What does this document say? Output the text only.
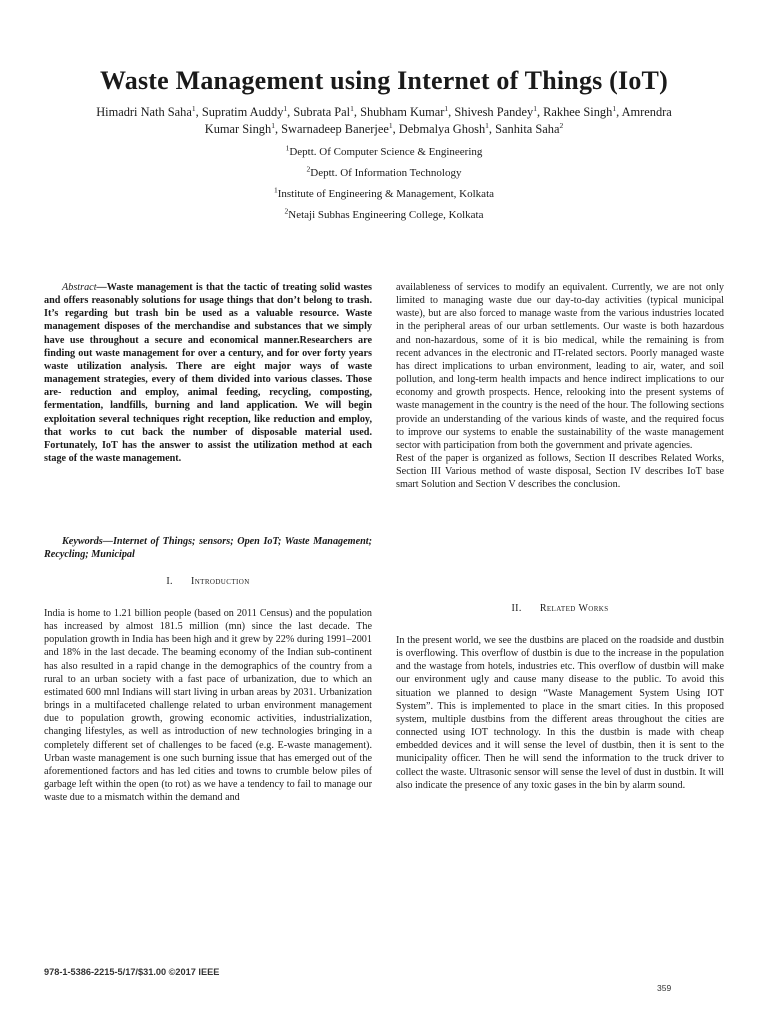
Waste Management using Internet of Things (IoT)
Himadri Nath Saha$^1$, Supratim Auddy$^1$, Subrata Pal$^1$, Shubham Kumar$^1$, Shivesh Pandey$^1$, Rakhee Singh$^1$, Amrendra
Kumar Singh$^1$, Swarnadeep Banerjee$^1$, Debmalya Ghosh$^1$, Sanhita Saha$^2$
$^1$Deptt. Of Computer Science & Engineering
$^2$Deptt. Of Information Technology
$^1$Institute of Engineering & Management, Kolkata
$^2$Netaji Subhas Engineering College, Kolkata

Abstract—Waste management is that the tactic of treating solid wastes and offers reasonably solutions for usage things that don’t belong to trash. It’s regarding but trash bin be used as a valuable resource. Waste management disposes of the merchandise and substances that we simply have use throughout a secure and economical manner.Researchers are finding out waste management for over a century, and for over forty years waste utilization analysis. There are eight major ways of waste management strategies, every of them divided into various classes. Those are- reduction and employ, animal feeding, recycling, composting, fermentation, landfills, burning and land application. We will begin exploitation several techniques right reception, like reduction and employ, that works to cut back the number of disposable material used. Fortunately, IoT has the answer to assist the utilization method at each stage of the waste management.

Keywords—Internet of Things; sensors; Open IoT; Waste Management; Recycling; Municipal

I. Introduction

India is home to 1.21 billion people (based on 2011 Census) and the population has increased by almost 181.5 million (mn) since the last decade. The population growth in India has been high and it grew by 22% during 1991–2001 and 18% in the last decade. The beaming economy of the Indian sub-continent has also resulted in a rapid change in the demographics of the country from a rural to an urban society with a fast pace of urbanization, due to which an estimated 600 mnl Indians will start living in urban areas by 2031. Urbanization brings in a multifaceted challenge related to urban environment management due to population growth, growing economic activities, industrialization, changing lifestyles, as well as introduction of new technologies bringing in a completely different set of challenges to be faced (e.g. E-waste management). Urban waste management is one such burning issue that has emerged out of the aforementioned factors and has led cities and towns to crumble below piles of garbage left within the open (to rot) as we have a tendency to fail to manage our waste due to a mismatch within the demand and

availableness of services to modify an equivalent. Currently, we are not only limited to managing waste due our day-to-day activities (typical municipal waste), but are also forced to manage waste from the various industries located in the peripheral areas of our urban settlements. Our waste is both hazardous and non-hazardous, some of it is bio medical, while the remaining is from recent advances in the electronic and IT-related sectors. Poorly managed waste has direct implications to urban environment, leading to air, water, and soil pollution, and long-term health impacts and hence indirect implications to our economy and growth prospects. Hence, relooking into the present systems of waste management in the country is the need of the hour. The following sections provide an understanding of the various kinds of waste, and the required focus to improve our systems to enable the sustainability of the waste management sector with participation from both the government and private agencies.

Rest of the paper is organized as follows, Section II describes Related Works, Section III Various method of waste disposal, Section IV describes IoT base smart Solution and Section V describes the conclusion.

II. Related Works

In the present world, we see the dustbins are placed on the roadside and dustbin is overflowing. This overflow of dustbin is due to the increase in the population and the wastage from hotels, industries etc. This overflow of dustbin will make our environment ugly and cause many disease to the public. To avoid this situation we planned to design “Waste Management System Using IOT System”. This is implemented to place in the smart cities. In this proposed system, multiple dustbins from the different areas throughout the cities are connected using IOT technology. In this the dustbin is made with cheap embedded devices and it will sense the level of dustbin, then it is sent to the municipality officer. Then he will send the information to the truck driver to collect the waste. Ultrasonic sensor will sense the level of dust in dustbin. It will also indicate the presence of any toxic gases in the bin by alarm sound.

978-1-5386-2215-5/17/$31.00 ©2017 IEEE
359
